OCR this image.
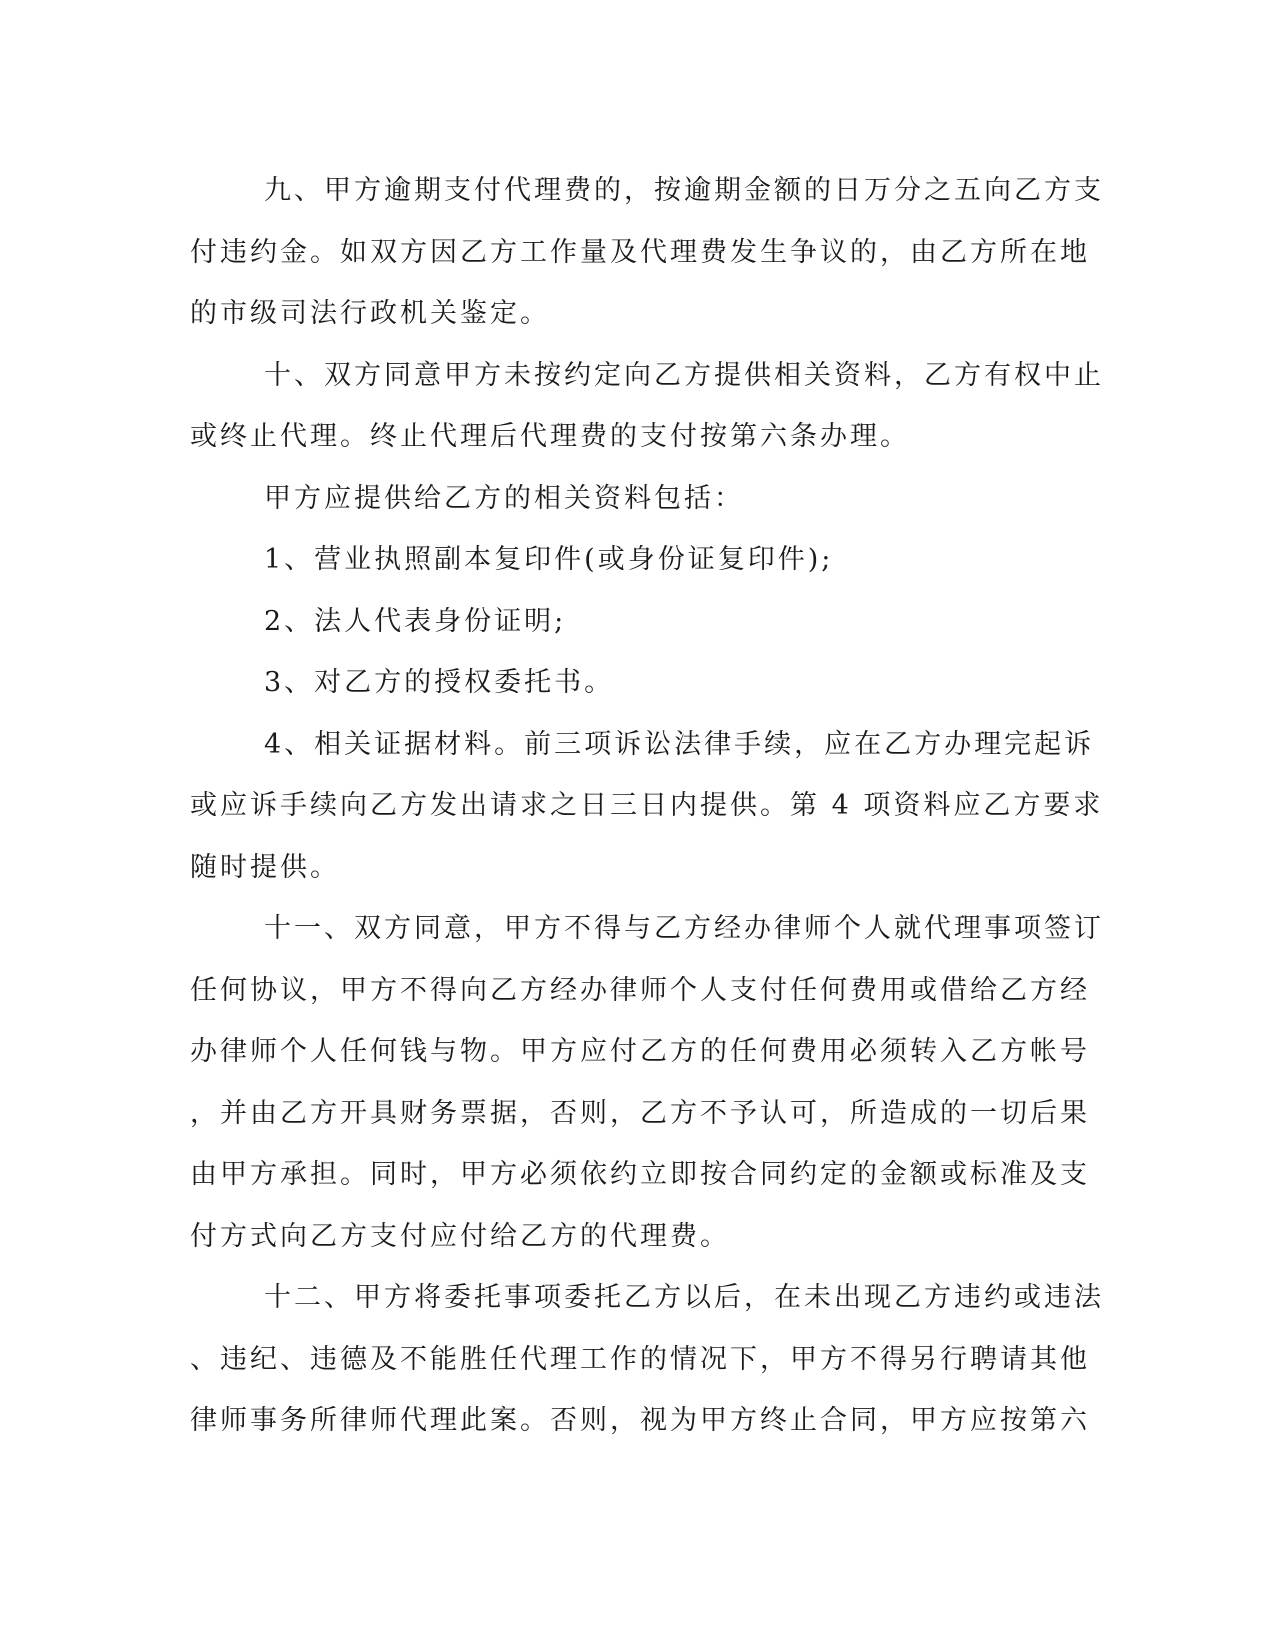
九、甲方逾期支付代理费的，按逾期金额的日万分之五向乙方支
付违约金。如双方因乙方工作量及代理费发生争议的，由乙方所在地
的市级司法行政机关鉴定。

十、双方同意甲方未按约定向乙方提供相关资料，乙方有权中止
或终止代理。终止代理后代理费的支付按第六条办理。

甲方应提供给乙方的相关资料包括：

1、营业执照副本复印件(或身份证复印件);

2、法人代表身份证明;

3、对乙方的授权委托书。

4、相关证据材料。前三项诉讼法律手续，应在乙方办理完起诉
或应诉手续向乙方发出请求之日三日内提供。第 4 项资料应乙方要求
随时提供。

十一、双方同意，甲方不得与乙方经办律师个人就代理事项签订
任何协议，甲方不得向乙方经办律师个人支付任何费用或借给乙方经
办律师个人任何钱与物。甲方应付乙方的任何费用必须转入乙方帐号
，并由乙方开具财务票据，否则，乙方不予认可，所造成的一切后果
由甲方承担。同时，甲方必须依约立即按合同约定的金额或标准及支
付方式向乙方支付应付给乙方的代理费。

十二、甲方将委托事项委托乙方以后，在未出现乙方违约或违法
、违纪、违德及不能胜任代理工作的情况下，甲方不得另行聘请其他
律师事务所律师代理此案。否则，视为甲方终止合同，甲方应按第六
